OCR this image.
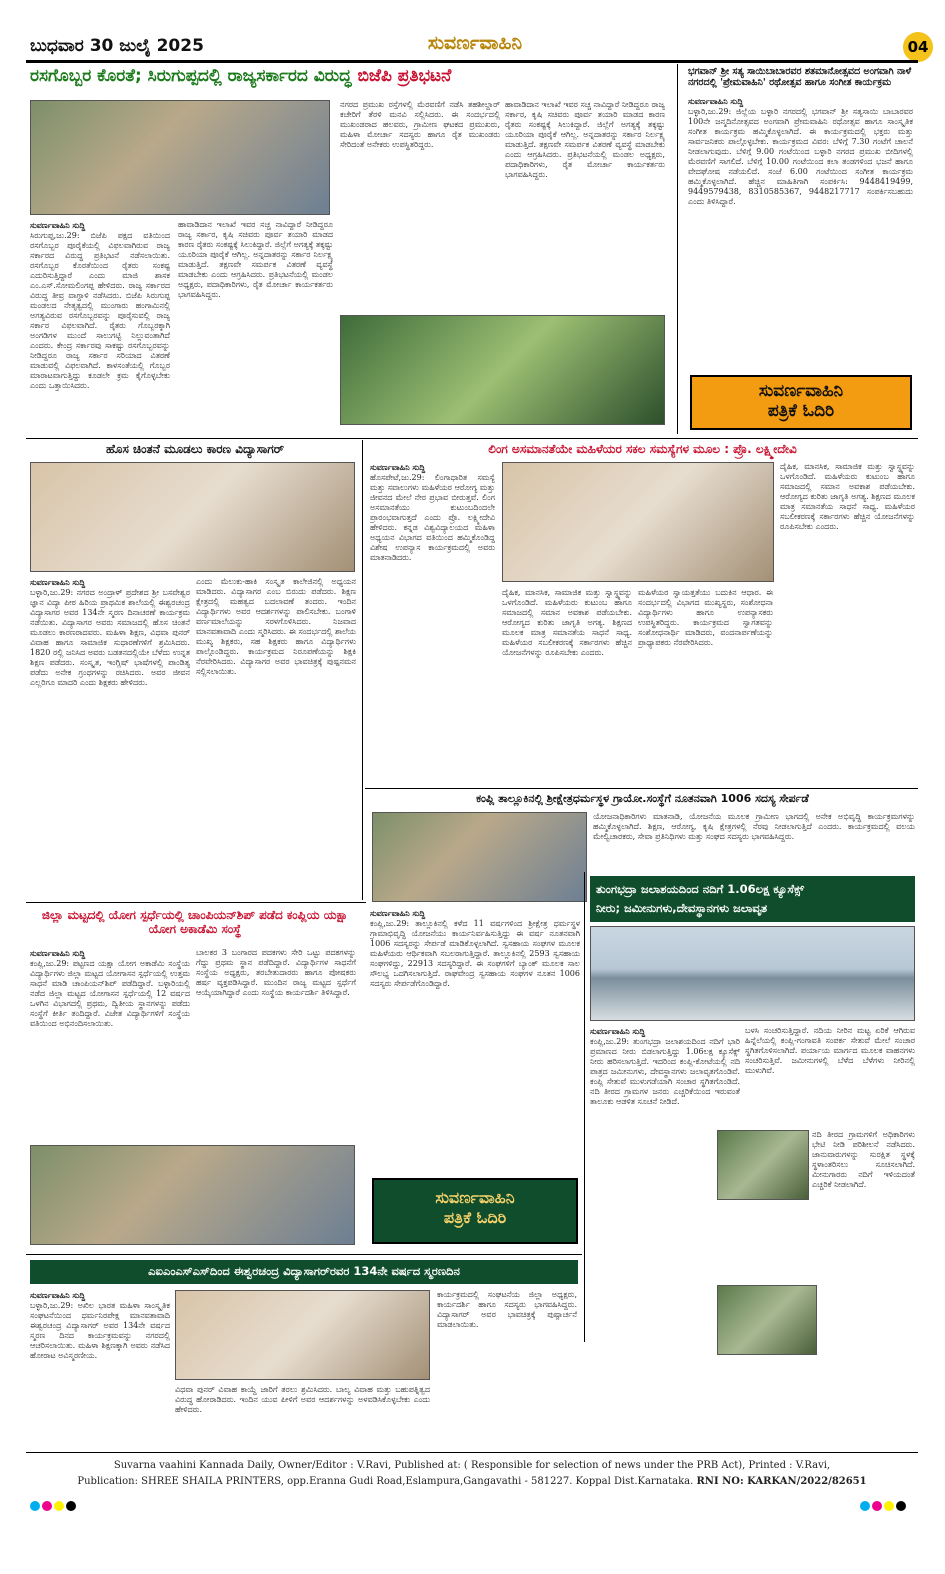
ಬುಧವಾರ 30 ಜುಲೈ 2025	ಸುವರ್ಣವಾಹಿನಿ	04
ರಸಗೊಬ್ಬರ ಕೊರತೆ; ಸಿರುಗುಪ್ಪದಲ್ಲಿ ರಾಜ್ಯಸರ್ಕಾರದ ವಿರುದ್ಧ ಬಿಜೆಪಿ ಪ್ರತಿಭಟನೆ
ಸುವರ್ಣವಾಹಿನಿ ಸುದ್ದಿ
ಸಿರುಗುಪ್ಪ,ಜು.29: ಬಿಜೆಪಿ ಪಕ್ಷದ ವತಿಯಿಂದ ರಸಗೊಬ್ಬರ ಪೂರೈಕೆಯಲ್ಲಿ ವಿಫಲವಾಗಿರುವ ರಾಜ್ಯ ಸರ್ಕಾರದ ವಿರುದ್ಧ ಪ್ರತಿಭಟನೆ ನಡೆಸಲಾಯಿತು. ರಸಗೊಬ್ಬರ ಕೊರತೆಯಿಂದ ರೈತರು ಸಂಕಷ್ಟ ಎದುರಿಸುತ್ತಿದ್ದಾರೆ ಎಂದು ಮಾಜಿ ಶಾಸಕ ಎಂ.ಎಸ್.ಸೋಮಲಿಂಗಪ್ಪ ಹೇಳಿದರು. ರಾಜ್ಯ ಸರ್ಕಾರದ ವಿರುದ್ಧ ತೀವ್ರ ವಾಗ್ದಾಳಿ ನಡೆಸಿದರು. ಬಿಜೆಪಿ ಸಿರುಗುಪ್ಪ ಮಂಡಲದ ನೇತೃತ್ವದಲ್ಲಿ ಮುಂಗಾರು ಹಂಗಾಮಿನಲ್ಲಿ ಅಗತ್ಯವಿರುವ ರಸಗೊಬ್ಬರವನ್ನು ಪೂರೈಸುವಲ್ಲಿ ರಾಜ್ಯ ಸರ್ಕಾರ ವಿಫಲವಾಗಿದೆ. ರೈತರು ಗೊಬ್ಬರಕ್ಕಾಗಿ ಅಂಗಡಿಗಳ ಮುಂದೆ ಸಾಲುಗಟ್ಟಿ ನಿಲ್ಲುವಂತಾಗಿದೆ ಎಂದರು. ಕೇಂದ್ರ ಸರ್ಕಾರವು ಸಾಕಷ್ಟು ರಸಗೊಬ್ಬರವನ್ನು ನೀಡಿದ್ದರೂ ರಾಜ್ಯ ಸರ್ಕಾರ ಸರಿಯಾದ ವಿತರಣೆ ಮಾಡುವಲ್ಲಿ ವಿಫಲವಾಗಿದೆ. ಕಾಳಸಂತೆಯಲ್ಲಿ ಗೊಬ್ಬರ ಮಾರಾಟವಾಗುತ್ತಿದ್ದು ಕೂಡಲೇ ಕ್ರಮ ಕೈಗೊಳ್ಳಬೇಕು ಎಂದು ಒತ್ತಾಯಿಸಿದರು.
ಹಾವಾಡಿದಾನ ಇಲಾಖೆ ಇವರ ಸಚ್ಚ ನಾವಿದ್ದಾರೆ ನೀಡಿದ್ದರೂ ರಾಜ್ಯ ಸರ್ಕಾರ, ಕೃಷಿ ಸಚಿವರು ಪೂರ್ವ ತಯಾರಿ ಮಾಡದ ಕಾರಣ ರೈತರು ಸಂಕಷ್ಟಕ್ಕೆ ಸಿಲುಕಿದ್ದಾರೆ. ಜಿಲ್ಲೆಗೆ ಅಗತ್ಯಕ್ಕೆ ತಕ್ಕಷ್ಟು ಯೂರಿಯಾ ಪೂರೈಕೆ ಆಗಿಲ್ಲ. ಅನ್ನದಾತರನ್ನು ಸರ್ಕಾರ ನಿರ್ಲಕ್ಷ್ಯ ಮಾಡುತ್ತಿದೆ. ತಕ್ಷಣವೇ ಸಮರ್ಪಕ ವಿತರಣೆ ವ್ಯವಸ್ಥೆ ಮಾಡಬೇಕು ಎಂದು ಆಗ್ರಹಿಸಿದರು. ಪ್ರತಿಭಟನೆಯಲ್ಲಿ ಮಂಡಲ ಅಧ್ಯಕ್ಷರು, ಪದಾಧಿಕಾರಿಗಳು, ರೈತ ಮೋರ್ಚಾ ಕಾರ್ಯಕರ್ತರು ಭಾಗವಹಿಸಿದ್ದರು.
ನಗರದ ಪ್ರಮುಖ ರಸ್ತೆಗಳಲ್ಲಿ ಮೆರವಣಿಗೆ ನಡೆಸಿ ತಹಶೀಲ್ದಾರ್ ಕಚೇರಿಗೆ ತೆರಳಿ ಮನವಿ ಸಲ್ಲಿಸಿದರು. ಈ ಸಂದರ್ಭದಲ್ಲಿ ಮುಖಂಡರಾದ ಹಲವರು, ಗ್ರಾಮೀಣ ಘಟಕದ ಪ್ರಮುಖರು, ಮಹಿಳಾ ಮೋರ್ಚಾ ಸದಸ್ಯರು ಹಾಗೂ ರೈತ ಮುಖಂಡರು ಸೇರಿದಂತೆ ಅನೇಕರು ಉಪಸ್ಥಿತರಿದ್ದರು.
ಹಾವಾಡಿದಾನ ಇಲಾಖೆ ಇವರ ಸಚ್ಚ ನಾವಿದ್ದಾರೆ ನೀಡಿದ್ದರೂ ರಾಜ್ಯ ಸರ್ಕಾರ, ಕೃಷಿ ಸಚಿವರು ಪೂರ್ವ ತಯಾರಿ ಮಾಡದ ಕಾರಣ ರೈತರು ಸಂಕಷ್ಟಕ್ಕೆ ಸಿಲುಕಿದ್ದಾರೆ. ಜಿಲ್ಲೆಗೆ ಅಗತ್ಯಕ್ಕೆ ತಕ್ಕಷ್ಟು ಯೂರಿಯಾ ಪೂರೈಕೆ ಆಗಿಲ್ಲ. ಅನ್ನದಾತರನ್ನು ಸರ್ಕಾರ ನಿರ್ಲಕ್ಷ್ಯ ಮಾಡುತ್ತಿದೆ. ತಕ್ಷಣವೇ ಸಮರ್ಪಕ ವಿತರಣೆ ವ್ಯವಸ್ಥೆ ಮಾಡಬೇಕು ಎಂದು ಆಗ್ರಹಿಸಿದರು. ಪ್ರತಿಭಟನೆಯಲ್ಲಿ ಮಂಡಲ ಅಧ್ಯಕ್ಷರು, ಪದಾಧಿಕಾರಿಗಳು, ರೈತ ಮೋರ್ಚಾ ಕಾರ್ಯಕರ್ತರು ಭಾಗವಹಿಸಿದ್ದರು.
ಭಗವಾನ್ ಶ್ರೀ ಸತ್ಯ ಸಾಯಿಬಾಬಾರವರ ಶತಮಾನೋತ್ಸವದ ಅಂಗವಾಗಿ ನಾಳೆ ನಗರದಲ್ಲಿ 'ಪ್ರೇಮವಾಹಿನಿ' ರಥೋತ್ಸವ ಹಾಗೂ ಸಂಗೀತ ಕಾರ್ಯಕ್ರಮ
ಸುವರ್ಣವಾಹಿನಿ ಸುದ್ದಿ
ಬಳ್ಳಾರಿ,ಜು.29: ಜಿಲ್ಲೆಯ ಬಳ್ಳಾರಿ ನಗರದಲ್ಲಿ ಭಗವಾನ್ ಶ್ರೀ ಸತ್ಯಸಾಯಿ ಬಾಬಾರವರ 100ನೇ ಜನ್ಮದಿನೋತ್ಸವದ ಅಂಗವಾಗಿ ಪ್ರೇಮವಾಹಿನಿ ರಥೋತ್ಸವ ಹಾಗೂ ಸಾಂಸ್ಕೃತಿಕ ಸಂಗೀತ ಕಾರ್ಯಕ್ರಮ ಹಮ್ಮಿಕೊಳ್ಳಲಾಗಿದೆ. ಈ ಕಾರ್ಯಕ್ರಮದಲ್ಲಿ ಭಕ್ತರು ಮತ್ತು ಸಾರ್ವಜನಿಕರು ಪಾಲ್ಗೊಳ್ಳಬೇಕು. ಕಾರ್ಯಕ್ರಮದ ವಿವರ: ಬೆಳಿಗ್ಗೆ 7.30 ಗಂಟೆಗೆ ಚಾಲನೆ ನೀಡಲಾಗುವುದು. ಬೆಳಿಗ್ಗೆ 9.00 ಗಂಟೆಯಿಂದ ಬಳ್ಳಾರಿ ನಗರದ ಪ್ರಮುಖ ಬೀದಿಗಳಲ್ಲಿ ಮೆರವಣಿಗೆ ಸಾಗಲಿದೆ. ಬೆಳಿಗ್ಗೆ 10.00 ಗಂಟೆಯಿಂದ ಕಲಾ ತಂಡಗಳಿಂದ ಭಜನೆ ಹಾಗೂ ವೇದಘೋಷ ನಡೆಯಲಿದೆ. ಸಂಜೆ 6.00 ಗಂಟೆಯಿಂದ ಸಂಗೀತ ಕಾರ್ಯಕ್ರಮ ಹಮ್ಮಿಕೊಳ್ಳಲಾಗಿದೆ. ಹೆಚ್ಚಿನ ಮಾಹಿತಿಗಾಗಿ ಸಂಪರ್ಕಿಸಿ: 9448419499, 9449579438, 8310585367, 9448217717 ಸಂಪರ್ಕಿಸಬಹುದು ಎಂದು ತಿಳಿಸಿದ್ದಾರೆ.
ಸುವರ್ಣವಾಹಿನಿ
ಪತ್ರಿಕೆ ಓದಿರಿ
ಹೊಸ ಚಿಂತನೆ ಮೂಡಲು ಕಾರಣ ವಿದ್ಯಾಸಾಗರ್
ಸುವರ್ಣವಾಹಿನಿ ಸುದ್ದಿ
ಬಳ್ಳಾರಿ,ಜು.29: ನಗರದ ಅಂದ್ರಾಳ್ ಪ್ರದೇಶದ ಶ್ರೀ ಬಸವೇಶ್ವರ ಜ್ಞಾನ ವಿದ್ಯಾ ಪೀಠ ಹಿರಿಯ ಪ್ರಾಥಮಿಕ ಶಾಲೆಯಲ್ಲಿ ಈಶ್ವರಚಂದ್ರ ವಿದ್ಯಾಸಾಗರ ಅವರ 134ನೇ ಸ್ಮರಣ ದಿನಾಚರಣೆ ಕಾರ್ಯಕ್ರಮ ನಡೆಯಿತು. ವಿದ್ಯಾಸಾಗರ ಅವರು ಸಮಾಜದಲ್ಲಿ ಹೊಸ ಚಿಂತನೆ ಮೂಡಲು ಕಾರಣರಾದವರು. ಮಹಿಳಾ ಶಿಕ್ಷಣ, ವಿಧವಾ ಪುನರ್ ವಿವಾಹ ಹಾಗೂ ಸಾಮಾಜಿಕ ಸುಧಾರಣೆಗಳಿಗೆ ಶ್ರಮಿಸಿದರು. 1820 ರಲ್ಲಿ ಜನಿಸಿದ ಅವರು ಬಡತನದಲ್ಲಿಯೇ ಬೆಳೆದು ಉನ್ನತ ಶಿಕ್ಷಣ ಪಡೆದರು. ಸಂಸ್ಕೃತ, ಇಂಗ್ಲಿಷ್ ಭಾಷೆಗಳಲ್ಲಿ ಪಾಂಡಿತ್ಯ ಪಡೆದು ಅನೇಕ ಗ್ರಂಥಗಳನ್ನು ರಚಿಸಿದರು. ಅವರ ಜೀವನ ಎಲ್ಲರಿಗೂ ಮಾದರಿ ಎಂದು ಶಿಕ್ಷಕರು ಹೇಳಿದರು.
ಎಂದು ಮೆಲುಕು-ಹಾಕಿ ಸಂಸ್ಕೃತ ಕಾಲೇಜಿನಲ್ಲಿ ಅಧ್ಯಯನ ಮಾಡಿದರು. ವಿದ್ಯಾಸಾಗರ ಎಂಬ ಬಿರುದು ಪಡೆದರು. ಶಿಕ್ಷಣ ಕ್ಷೇತ್ರದಲ್ಲಿ ಮಹತ್ವದ ಬದಲಾವಣೆ ತಂದರು. ಇಂದಿನ ವಿದ್ಯಾರ್ಥಿಗಳು ಅವರ ಆದರ್ಶಗಳನ್ನು ಪಾಲಿಸಬೇಕು. ಬಂಗಾಳಿ ವರ್ಣಮಾಲೆಯನ್ನು ಸರಳಗೊಳಿಸಿದರು. ನಿಜವಾದ ಮಾನವತಾವಾದಿ ಎಂದು ಸ್ಮರಿಸಿದರು. ಈ ಸಂದರ್ಭದಲ್ಲಿ ಶಾಲೆಯ ಮುಖ್ಯ ಶಿಕ್ಷಕರು, ಸಹ ಶಿಕ್ಷಕರು ಹಾಗೂ ವಿದ್ಯಾರ್ಥಿಗಳು ಪಾಲ್ಗೊಂಡಿದ್ದರು. ಕಾರ್ಯಕ್ರಮದ ನಿರೂಪಣೆಯನ್ನು ಶಿಕ್ಷಕಿ ನೆರವೇರಿಸಿದರು. ವಿದ್ಯಾಸಾಗರ ಅವರ ಭಾವಚಿತ್ರಕ್ಕೆ ಪುಷ್ಪನಮನ ಸಲ್ಲಿಸಲಾಯಿತು.
ಲಿಂಗ ಅಸಮಾನತೆಯೇ ಮಹಿಳೆಯರ ಸಕಲ ಸಮಸ್ಯೆಗಳ ಮೂಲ : ಪ್ರೊ. ಲಕ್ಷ್ಮೀದೇವಿ
ಸುವರ್ಣವಾಹಿನಿ ಸುದ್ದಿ
ಹೊಸಪೇಟೆ,ಜು.29: ಲಿಂಗಾಧಾರಿತ ಸಮಸ್ಯೆ ಮತ್ತು ಸವಾಲುಗಳು ಮಹಿಳೆಯರ ಆರೋಗ್ಯ ಮತ್ತು ಜೀವನದ ಮೇಲೆ ನೇರ ಪ್ರಭಾವ ಬೀರುತ್ತವೆ. ಲಿಂಗ ಅಸಮಾನತೆಯು ಕುಟುಂಬದಿಂದಲೇ ಪ್ರಾರಂಭವಾಗುತ್ತದೆ ಎಂದು ಪ್ರೊ. ಲಕ್ಷ್ಮೀದೇವಿ ಹೇಳಿದರು. ಕನ್ನಡ ವಿಶ್ವವಿದ್ಯಾಲಯದ ಮಹಿಳಾ ಅಧ್ಯಯನ ವಿಭಾಗದ ವತಿಯಿಂದ ಹಮ್ಮಿಕೊಂಡಿದ್ದ ವಿಶೇಷ ಉಪನ್ಯಾಸ ಕಾರ್ಯಕ್ರಮದಲ್ಲಿ ಅವರು ಮಾತನಾಡಿದರು.
ದೈಹಿಕ, ಮಾನಸಿಕ, ಸಾಮಾಜಿಕ ಮತ್ತು ಸ್ವಾಸ್ಥ್ಯವನ್ನು ಒಳಗೊಂಡಿದೆ. ಮಹಿಳೆಯರು ಕುಟುಂಬ ಹಾಗೂ ಸಮಾಜದಲ್ಲಿ ಸಮಾನ ಅವಕಾಶ ಪಡೆಯಬೇಕು. ಆರೋಗ್ಯದ ಕುರಿತು ಜಾಗೃತಿ ಅಗತ್ಯ. ಶಿಕ್ಷಣದ ಮೂಲಕ ಮಾತ್ರ ಸಮಾನತೆಯ ಸಾಧನೆ ಸಾಧ್ಯ. ಮಹಿಳೆಯರ ಸಬಲೀಕರಣಕ್ಕೆ ಸರ್ಕಾರಗಳು ಹೆಚ್ಚಿನ ಯೋಜನೆಗಳನ್ನು ರೂಪಿಸಬೇಕು ಎಂದರು.
ಮಹಿಳೆಯರ ಸ್ವಾಯತ್ತತೆಯು ಬದುಕಿನ ಆಧಾರ. ಈ ಸಂದರ್ಭದಲ್ಲಿ ವಿಭಾಗದ ಮುಖ್ಯಸ್ಥರು, ಸಂಶೋಧನಾ ವಿದ್ಯಾರ್ಥಿಗಳು ಹಾಗೂ ಉಪನ್ಯಾಸಕರು ಉಪಸ್ಥಿತರಿದ್ದರು. ಕಾರ್ಯಕ್ರಮದ ಸ್ವಾಗತವನ್ನು ಸಂಶೋಧನಾರ್ಥಿ ಮಾಡಿದರು, ವಂದನಾರ್ಪಣೆಯನ್ನು ಪ್ರಾಧ್ಯಾಪಕರು ನೆರವೇರಿಸಿದರು.
ದೈಹಿಕ, ಮಾನಸಿಕ, ಸಾಮಾಜಿಕ ಮತ್ತು ಸ್ವಾಸ್ಥ್ಯವನ್ನು ಒಳಗೊಂಡಿದೆ. ಮಹಿಳೆಯರು ಕುಟುಂಬ ಹಾಗೂ ಸಮಾಜದಲ್ಲಿ ಸಮಾನ ಅವಕಾಶ ಪಡೆಯಬೇಕು. ಆರೋಗ್ಯದ ಕುರಿತು ಜಾಗೃತಿ ಅಗತ್ಯ. ಶಿಕ್ಷಣದ ಮೂಲಕ ಮಾತ್ರ ಸಮಾನತೆಯ ಸಾಧನೆ ಸಾಧ್ಯ. ಮಹಿಳೆಯರ ಸಬಲೀಕರಣಕ್ಕೆ ಸರ್ಕಾರಗಳು ಹೆಚ್ಚಿನ ಯೋಜನೆಗಳನ್ನು ರೂಪಿಸಬೇಕು ಎಂದರು.
ಕಂಪ್ಲಿ ತಾಲ್ಲೂಕಿನಲ್ಲಿ ಶ್ರೀಕ್ಷೇತ್ರಧರ್ಮಸ್ಥಳ ಗ್ರಾಯೋ.ಸಂಸ್ಥೆಗೆ ನೂತನವಾಗಿ 1006 ಸದಸ್ಯ ಸೇರ್ಪಡೆ
ಯೋಜನಾಧಿಕಾರಿಗಳು ಮಾತನಾಡಿ, ಯೋಜನೆಯ ಮೂಲಕ ಗ್ರಾಮೀಣ ಭಾಗದಲ್ಲಿ ಅನೇಕ ಅಭಿವೃದ್ಧಿ ಕಾರ್ಯಕ್ರಮಗಳನ್ನು ಹಮ್ಮಿಕೊಳ್ಳಲಾಗಿದೆ. ಶಿಕ್ಷಣ, ಆರೋಗ್ಯ, ಕೃಷಿ ಕ್ಷೇತ್ರಗಳಲ್ಲಿ ನೆರವು ನೀಡಲಾಗುತ್ತಿದೆ ಎಂದರು. ಕಾರ್ಯಕ್ರಮದಲ್ಲಿ ವಲಯ ಮೇಲ್ವಿಚಾರಕರು, ಸೇವಾ ಪ್ರತಿನಿಧಿಗಳು ಮತ್ತು ಸಂಘದ ಸದಸ್ಯರು ಭಾಗವಹಿಸಿದ್ದರು.
ಜಿಲ್ಲಾ ಮಟ್ಟದಲ್ಲಿ ಯೋಗ ಸ್ಪರ್ಧೆಯಲ್ಲಿ ಚಾಂಪಿಯನ್‌ಶಿಪ್ ಪಡೆದ ಕಂಪ್ಲಿಯ ಯಕ್ಷಾ ಯೋಗ ಅಕಾಡೆಮಿ ಸಂಸ್ಥೆ
ಸುವರ್ಣವಾಹಿನಿ ಸುದ್ದಿ
ಕಂಪ್ಲಿ,ಜು.29: ಪಟ್ಟಣದ ಯಕ್ಷಾ ಯೋಗ ಅಕಾಡೆಮಿ ಸಂಸ್ಥೆಯ ವಿದ್ಯಾರ್ಥಿಗಳು ಜಿಲ್ಲಾ ಮಟ್ಟದ ಯೋಗಾಸನ ಸ್ಪರ್ಧೆಯಲ್ಲಿ ಉತ್ತಮ ಸಾಧನೆ ಮಾಡಿ ಚಾಂಪಿಯನ್‌ಶಿಪ್ ಪಡೆದಿದ್ದಾರೆ. ಬಳ್ಳಾರಿಯಲ್ಲಿ ನಡೆದ ಜಿಲ್ಲಾ ಮಟ್ಟದ ಯೋಗಾಸನ ಸ್ಪರ್ಧೆಯಲ್ಲಿ 12 ವರ್ಷದ ಒಳಗಿನ ವಿಭಾಗದಲ್ಲಿ ಪ್ರಥಮ, ದ್ವಿತೀಯ ಸ್ಥಾನಗಳನ್ನು ಪಡೆದು ಸಂಸ್ಥೆಗೆ ಕೀರ್ತಿ ತಂದಿದ್ದಾರೆ. ವಿಜೇತ ವಿದ್ಯಾರ್ಥಿಗಳಿಗೆ ಸಂಸ್ಥೆಯ ವತಿಯಿಂದ ಅಭಿನಂದಿಸಲಾಯಿತು.
ಬಾಲಕರ 3 ಬಂಗಾರದ ಪದಕಗಳು ಸೇರಿ ಒಟ್ಟು ಪದಕಗಳನ್ನು ಗೆದ್ದು ಪ್ರಥಮ ಸ್ಥಾನ ಪಡೆದಿದ್ದಾರೆ. ವಿದ್ಯಾರ್ಥಿಗಳ ಸಾಧನೆಗೆ ಸಂಸ್ಥೆಯ ಅಧ್ಯಕ್ಷರು, ತರಬೇತುದಾರರು ಹಾಗೂ ಪೋಷಕರು ಹರ್ಷ ವ್ಯಕ್ತಪಡಿಸಿದ್ದಾರೆ. ಮುಂದಿನ ರಾಜ್ಯ ಮಟ್ಟದ ಸ್ಪರ್ಧೆಗೆ ಆಯ್ಕೆಯಾಗಿದ್ದಾರೆ ಎಂದು ಸಂಸ್ಥೆಯ ಕಾರ್ಯದರ್ಶಿ ತಿಳಿಸಿದ್ದಾರೆ.
ಸುವರ್ಣವಾಹಿನಿ ಸುದ್ದಿ
ಕಂಪ್ಲಿ,ಜು.29: ತಾಲ್ಲೂಕಿನಲ್ಲಿ ಕಳೆದ 11 ವರ್ಷಗಳಿಂದ ಶ್ರೀಕ್ಷೇತ್ರ ಧರ್ಮಸ್ಥಳ ಗ್ರಾಮಾಭಿವೃದ್ಧಿ ಯೋಜನೆಯು ಕಾರ್ಯನಿರ್ವಹಿಸುತ್ತಿದ್ದು ಈ ವರ್ಷ ನೂತನವಾಗಿ 1006 ಸದಸ್ಯರನ್ನು ಸೇರ್ಪಡೆ ಮಾಡಿಕೊಳ್ಳಲಾಗಿದೆ. ಸ್ವಸಹಾಯ ಸಂಘಗಳ ಮೂಲಕ ಮಹಿಳೆಯರು ಆರ್ಥಿಕವಾಗಿ ಸಬಲರಾಗುತ್ತಿದ್ದಾರೆ. ತಾಲ್ಲೂಕಿನಲ್ಲಿ 2593 ಸ್ವಸಹಾಯ ಸಂಘಗಳಿದ್ದು, 22913 ಸದಸ್ಯರಿದ್ದಾರೆ. ಈ ಸಂಘಗಳಿಗೆ ಬ್ಯಾಂಕ್ ಮೂಲಕ ಸಾಲ ಸೌಲಭ್ಯ ಒದಗಿಸಲಾಗುತ್ತಿದೆ. ರಾಘವೇಂದ್ರ ಸ್ವಸಹಾಯ ಸಂಘಗಳ ನೂತನ 1006 ಸದಸ್ಯರು ಸೇರ್ಪಡೆಗೊಂಡಿದ್ದಾರೆ.
ಸುವರ್ಣವಾಹಿನಿ
ಪತ್ರಿಕೆ ಓದಿರಿ
ತುಂಗಭದ್ರಾ ಜಲಾಶಯದಿಂದ ನದಿಗೆ 1.06ಲಕ್ಷ ಕ್ಯೂಸೆಕ್ಸ್
ನೀರು; ಜಮೀನುಗಳು,ದೇವಸ್ಥಾನಗಳು ಜಲಾವೃತ
ಸುವರ್ಣವಾಹಿನಿ ಸುದ್ದಿ
ಕಂಪ್ಲಿ,ಜು.29: ತುಂಗಭದ್ರಾ ಜಲಾಶಯದಿಂದ ನದಿಗೆ ಭಾರಿ ಪ್ರಮಾಣದ ನೀರು ಬಿಡಲಾಗುತ್ತಿದ್ದು 1.06ಲಕ್ಷ ಕ್ಯೂಸೆಕ್ಸ್ ನೀರು ಹರಿಸಲಾಗುತ್ತಿದೆ. ಇದರಿಂದ ಕಂಪ್ಲಿ-ಕೋಟೆಯಲ್ಲಿ ನದಿ ಪಾತ್ರದ ಜಮೀನುಗಳು, ದೇವಸ್ಥಾನಗಳು ಜಲಾವೃತಗೊಂಡಿವೆ. ಕಂಪ್ಲಿ ಸೇತುವೆ ಮುಳುಗಡೆಯಾಗಿ ಸಂಚಾರ ಸ್ಥಗಿತಗೊಂಡಿದೆ. ನದಿ ತೀರದ ಗ್ರಾಮಗಳ ಜನರು ಎಚ್ಚರಿಕೆಯಿಂದ ಇರುವಂತೆ ತಾಲೂಕು ಆಡಳಿತ ಸೂಚನೆ ನೀಡಿದೆ.
ಬಳಸಿ ಸಂಚರಿಸುತ್ತಿದ್ದಾರೆ. ನದಿಯ ನೀರಿನ ಮಟ್ಟ ಏರಿಕೆ ಆಗಿರುವ ಹಿನ್ನೆಲೆಯಲ್ಲಿ ಕಂಪ್ಲಿ-ಗಂಗಾವತಿ ಸಂಪರ್ಕ ಸೇತುವೆ ಮೇಲೆ ಸಂಚಾರ ಸ್ಥಗಿತಗೊಳಿಸಲಾಗಿದೆ. ಪರ್ಯಾಯ ಮಾರ್ಗದ ಮೂಲಕ ವಾಹನಗಳು ಸಂಚರಿಸುತ್ತಿವೆ. ಜಮೀನುಗಳಲ್ಲಿ ಬೆಳೆದ ಬೆಳೆಗಳು ನೀರಿನಲ್ಲಿ ಮುಳುಗಿವೆ.
ನದಿ ತೀರದ ಗ್ರಾಮಗಳಿಗೆ ಅಧಿಕಾರಿಗಳು ಭೇಟಿ ನೀಡಿ ಪರಿಶೀಲನೆ ನಡೆಸಿದರು. ಜಾನುವಾರುಗಳನ್ನು ಸುರಕ್ಷಿತ ಸ್ಥಳಕ್ಕೆ ಸ್ಥಳಾಂತರಿಸಲು ಸೂಚಿಸಲಾಗಿದೆ. ಮೀನುಗಾರರು ನದಿಗೆ ಇಳಿಯದಂತೆ ಎಚ್ಚರಿಕೆ ನೀಡಲಾಗಿದೆ.
ಎಐಎಂಎಸ್‌ಎಸ್‌ದಿಂದ ಈಶ್ವರಚಂದ್ರ ವಿದ್ಯಾಸಾಗರ್‌ರವರ 134ನೇ ವರ್ಷದ ಸ್ಮರಣದಿನ
ಸುವರ್ಣವಾಹಿನಿ ಸುದ್ದಿ
ಬಳ್ಳಾರಿ,ಜು.29: ಅಖಿಲ ಭಾರತ ಮಹಿಳಾ ಸಾಂಸ್ಕೃತಿಕ ಸಂಘಟನೆಯಿಂದ ಧರ್ಮನಿರಪೇಕ್ಷ ಮಾನವತಾವಾದಿ ಈಶ್ವರಚಂದ್ರ ವಿದ್ಯಾಸಾಗರ್ ಅವರ 134ನೇ ವರ್ಷದ ಸ್ಮರಣ ದಿನದ ಕಾರ್ಯಕ್ರಮವನ್ನು ನಗರದಲ್ಲಿ ಆಚರಿಸಲಾಯಿತು. ಮಹಿಳಾ ಶಿಕ್ಷಣಕ್ಕಾಗಿ ಅವರು ನಡೆಸಿದ ಹೋರಾಟ ಅವಿಸ್ಮರಣೀಯ.
ವಿಧವಾ ಪುನರ್ ವಿವಾಹ ಕಾಯ್ದೆ ಜಾರಿಗೆ ತರಲು ಶ್ರಮಿಸಿದರು. ಬಾಲ್ಯ ವಿವಾಹ ಮತ್ತು ಬಹುಪತ್ನಿತ್ವದ ವಿರುದ್ಧ ಹೋರಾಡಿದರು. ಇಂದಿನ ಯುವ ಪೀಳಿಗೆ ಅವರ ಆದರ್ಶಗಳನ್ನು ಅಳವಡಿಸಿಕೊಳ್ಳಬೇಕು ಎಂದು ಹೇಳಿದರು.
ಕಾರ್ಯಕ್ರಮದಲ್ಲಿ ಸಂಘಟನೆಯ ಜಿಲ್ಲಾ ಅಧ್ಯಕ್ಷರು, ಕಾರ್ಯದರ್ಶಿ ಹಾಗೂ ಸದಸ್ಯರು ಭಾಗವಹಿಸಿದ್ದರು. ವಿದ್ಯಾಸಾಗರ್ ಅವರ ಭಾವಚಿತ್ರಕ್ಕೆ ಪುಷ್ಪಾರ್ಚನೆ ಮಾಡಲಾಯಿತು.
Suvarna vaahini Kannada Daily, Owner/Editor : V.Ravi, Published at: ( Responsible for selection of news under the PRB Act), Printed : V.Ravi,
Publication: SHREE SHAILA PRINTERS, opp.Eranna Gudi Road,Eslampura,Gangavathi - 581227. Koppal Dist.Karnataka. RNI NO: KARKAN/2022/82651
